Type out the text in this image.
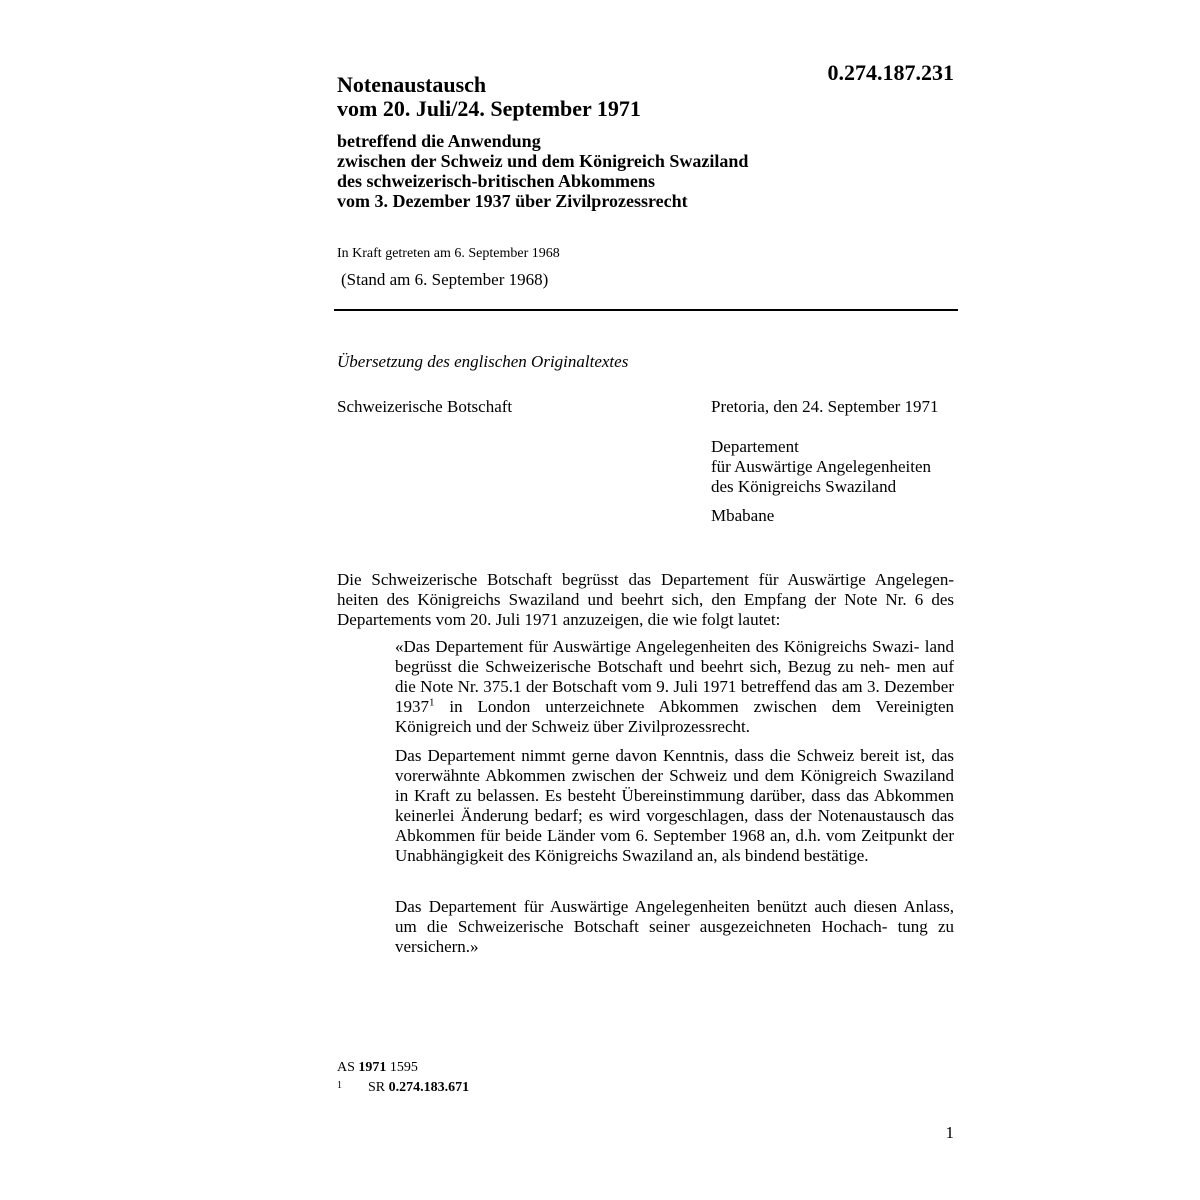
0.274.187.231
Notenaustausch
vom 20. Juli/24. September 1971
betreffend die Anwendung
zwischen der Schweiz und dem Königreich Swaziland
des schweizerisch-britischen Abkommens
vom 3. Dezember 1937 über Zivilprozessrecht
In Kraft getreten am 6. September 1968
(Stand am 6. September 1968)
Übersetzung des englischen Originaltextes
Schweizerische Botschaft	Pretoria, den 24. September 1971
Departement
für Auswärtige Angelegenheiten
des Königreichs Swaziland
Mbabane
Die Schweizerische Botschaft begrüsst das Departement für Auswärtige Angelegen- heiten des Königreichs Swaziland und beehrt sich, den Empfang der Note Nr. 6 des Departements vom 20. Juli 1971 anzuzeigen, die wie folgt lautet:
«Das Departement für Auswärtige Angelegenheiten des Königreichs Swazi- land begrüsst die Schweizerische Botschaft und beehrt sich, Bezug zu neh- men auf die Note Nr. 375.1 der Botschaft vom 9. Juli 1971 betreffend das am 3. Dezember 1937$^1$ in London unterzeichnete Abkommen zwischen dem Vereinigten Königreich und der Schweiz über Zivilprozessrecht.
Das Departement nimmt gerne davon Kenntnis, dass die Schweiz bereit ist, das vorerwähnte Abkommen zwischen der Schweiz und dem Königreich Swaziland in Kraft zu belassen. Es besteht Übereinstimmung darüber, dass das Abkommen keinerlei Änderung bedarf; es wird vorgeschlagen, dass der Notenaustausch das Abkommen für beide Länder vom 6. September 1968 an, d.h. vom Zeitpunkt der Unabhängigkeit des Königreichs Swaziland an, als bindend bestätige.
Das Departement für Auswärtige Angelegenheiten benützt auch diesen Anlass, um die Schweizerische Botschaft seiner ausgezeichneten Hochach- tung zu versichern.»
AS 1971 1595
$^1$ SR 0.274.183.671
1
